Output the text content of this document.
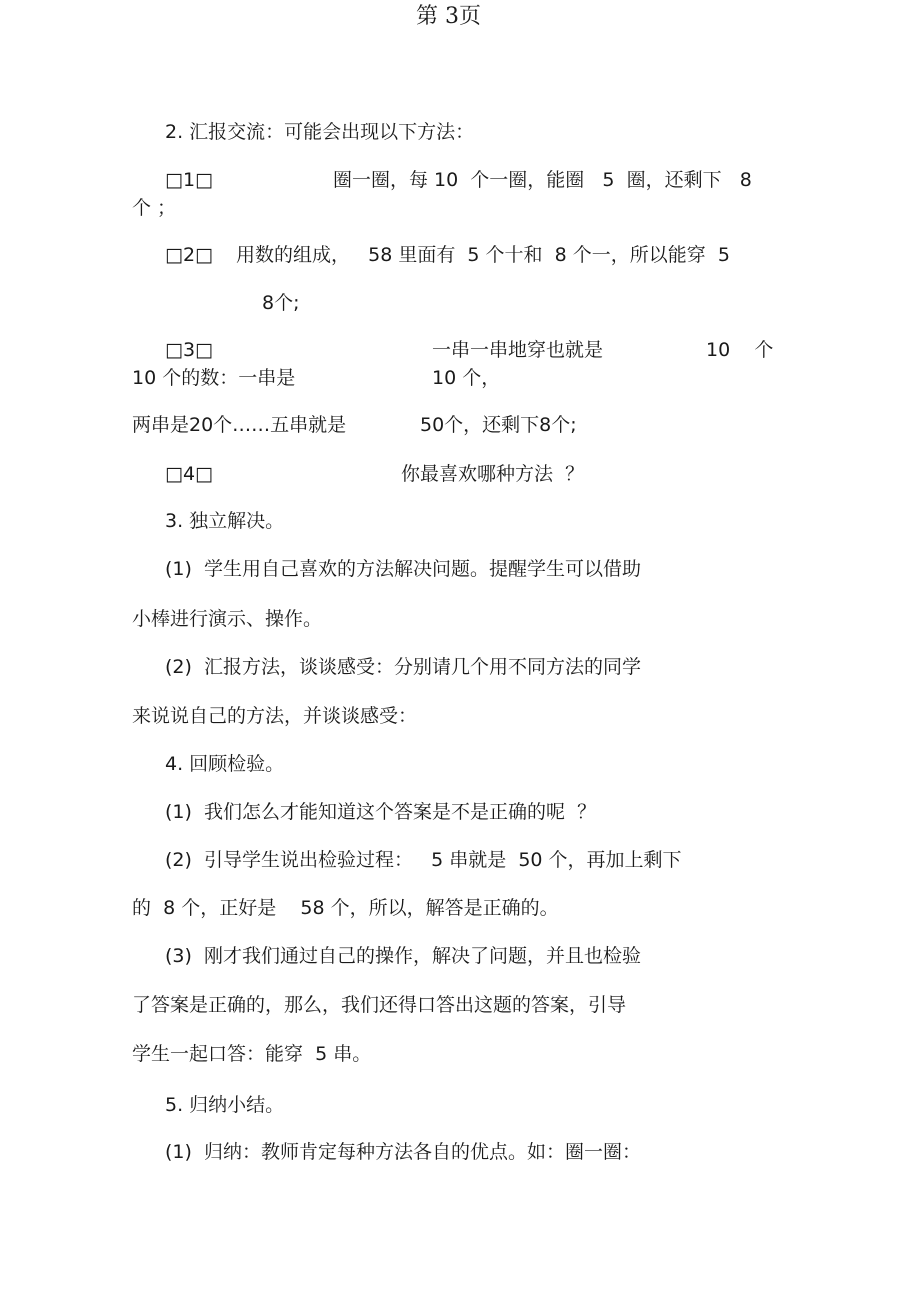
第 3页
2. 汇报交流：可能会出现以下方法：
□1□	圈一圈，每 10  个一圈，能圈   5  圈，还剩下   8
个 ；
□2□ 用数的组成，   58 里面有  5 个十和  8 个一，所以能穿  5
8个;
□3□	一串一串地穿也就是	10    个
10 个的数：一串是	10 个，
两串是20个……五串就是	50个，还剩下8个;
□4□	你最喜欢哪种方法  ？
3. 独立解决。
(1)  学生用自己喜欢的方法解决问题。提醒学生可以借助
小棒进行演示、操作。
(2)  汇报方法，谈谈感受：分别请几个用不同方法的同学
来说说自己的方法，并谈谈感受：
4. 回顾检验。
(1)  我们怎么才能知道这个答案是不是正确的呢  ？
(2)  引导学生说出检验过程：   5 串就是  50 个，再加上剩下
的  8 个，正好是    58 个，所以，解答是正确的。
(3)  刚才我们通过自己的操作，解决了问题，并且也检验
了答案是正确的，那么，我们还得口答出这题的答案，引导
学生一起口答：能穿  5 串。
5. 归纳小结。
(1)  归纳：教师肯定每种方法各自的优点。如：圈一圈：
